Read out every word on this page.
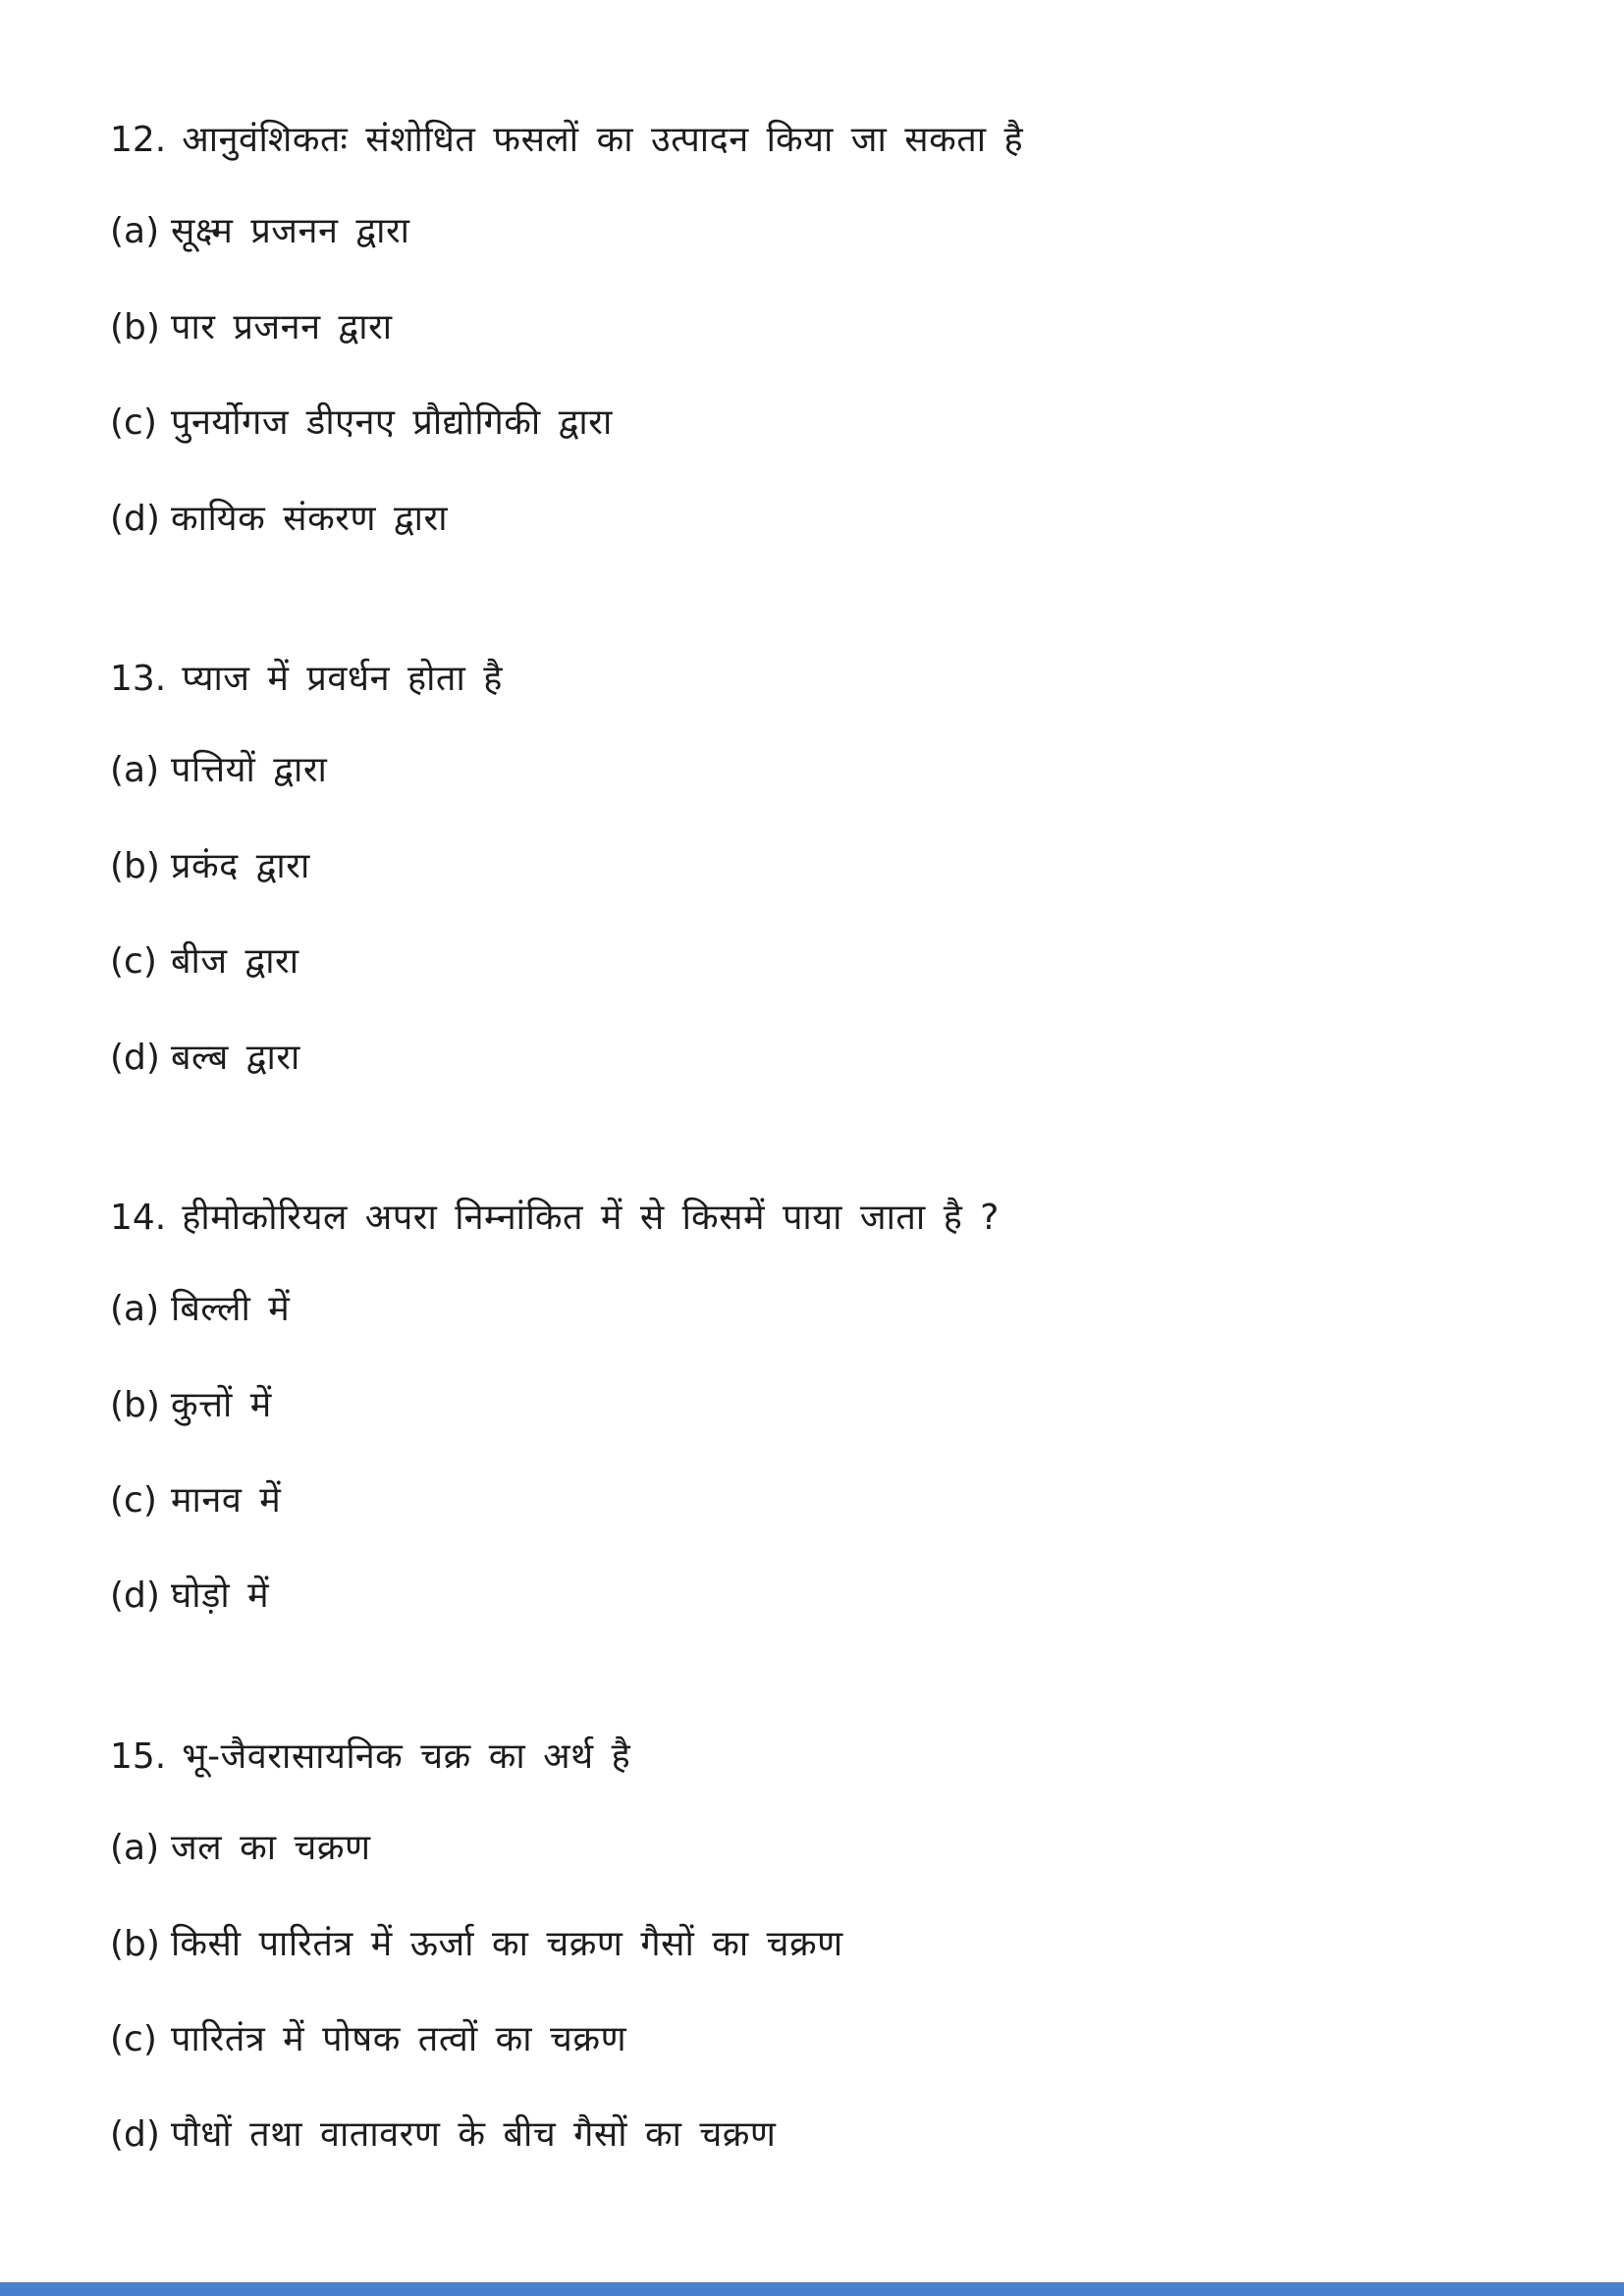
12. आनुवंशिकतः संशोधित फसलों का उत्पादन किया जा सकता है
(a) सूक्ष्म प्रजनन द्वारा
(b) पार प्रजनन द्वारा
(c) पुनर्योगज डीएनए प्रौद्योगिकी द्वारा
(d) कायिक संकरण द्वारा
13. प्याज में प्रवर्धन होता है
(a) पत्तियों द्वारा
(b) प्रकंद द्वारा
(c) बीज द्वारा
(d) बल्ब द्वारा
14. हीमोकोरियल अपरा निम्नांकित में से किसमें पाया जाता है ?
(a) बिल्ली में
(b) कुत्तों में
(c) मानव में
(d) घोड़ो में
15. भू-जैवरासायनिक चक्र का अर्थ है
(a) जल का चक्रण
(b) किसी पारितंत्र में ऊर्जा का चक्रण गैसों का चक्रण
(c) पारितंत्र में पोषक तत्वों का चक्रण
(d) पौधों तथा वातावरण के बीच गैसों का चक्रण
